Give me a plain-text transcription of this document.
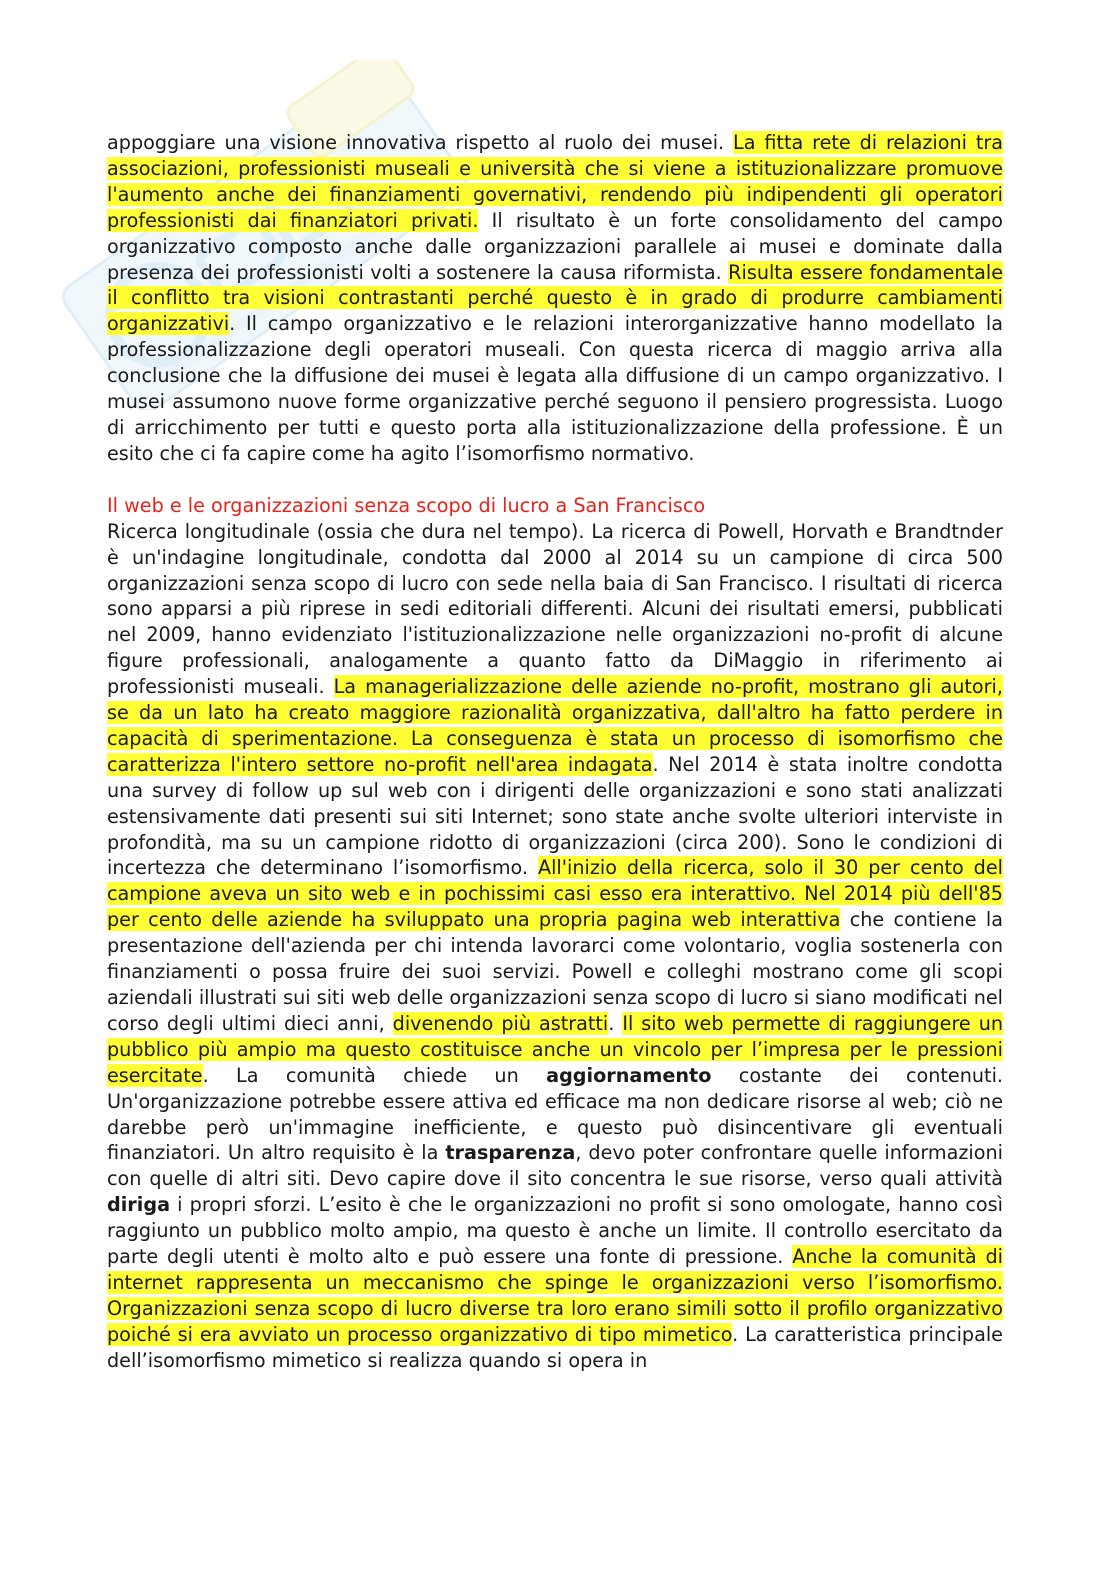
appoggiare una visione innovativa rispetto al ruolo dei musei. La fitta rete di relazioni tra associazioni, professionisti museali e università che si viene a istituzionalizzare promuove l'aumento anche dei finanziamenti governativi, rendendo più indipendenti gli operatori professionisti dai finanziatori privati. Il risultato è un forte consolidamento del campo organizzativo composto anche dalle organizzazioni parallele ai musei e dominate dalla presenza dei professionisti volti a sostenere la causa riformista. Risulta essere fondamentale il conflitto tra visioni contrastanti perché questo è in grado di produrre cambiamenti organizzativi. Il campo organizzativo e le relazioni interorganizzative hanno modellato la professionalizzazione degli operatori museali. Con questa ricerca di maggio arriva alla conclusione che la diffusione dei musei è legata alla diffusione di un campo organizzativo. I musei assumono nuove forme organizzative perché seguono il pensiero progressista. Luogo di arricchimento per tutti e questo porta alla istituzionalizzazione della professione. È un esito che ci fa capire come ha agito l’isomorfismo normativo.

Il web e le organizzazioni senza scopo di lucro a San Francisco

Ricerca longitudinale (ossia che dura nel tempo). La ricerca di Powell, Horvath e Brandtnder è un'indagine longitudinale, condotta dal 2000 al 2014 su un campione di circa 500 organizzazioni senza scopo di lucro con sede nella baia di San Francisco. I risultati di ricerca sono apparsi a più riprese in sedi editoriali differenti. Alcuni dei risultati emersi, pubblicati nel 2009, hanno evidenziato l'istituzionalizzazione nelle organizzazioni no-profit di alcune figure professionali, analogamente a quanto fatto da DiMaggio in riferimento ai professionisti museali. La managerializzazione delle aziende no-profit, mostrano gli autori, se da un lato ha creato maggiore razionalità organizzativa, dall'altro ha fatto perdere in capacità di sperimentazione. La conseguenza è stata un processo di isomorfismo che caratterizza l'intero settore no-profit nell'area indagata. Nel 2014 è stata inoltre condotta una survey di follow up sul web con i dirigenti delle organizzazioni e sono stati analizzati estensivamente dati presenti sui siti Internet; sono state anche svolte ulteriori interviste in profondità, ma su un campione ridotto di organizzazioni (circa 200). Sono le condizioni di incertezza che determinano l’isomorfismo. All'inizio della ricerca, solo il 30 per cento del campione aveva un sito web e in pochissimi casi esso era interattivo. Nel 2014 più dell'85 per cento delle aziende ha sviluppato una propria pagina web interattiva che contiene la presentazione dell'azienda per chi intenda lavorarci come volontario, voglia sostenerla con finanziamenti o possa fruire dei suoi servizi. Powell e colleghi mostrano come gli scopi aziendali illustrati sui siti web delle organizzazioni senza scopo di lucro si siano modificati nel corso degli ultimi dieci anni, divenendo più astratti. Il sito web permette di raggiungere un pubblico più ampio ma questo costituisce anche un vincolo per l’impresa per le pressioni esercitate. La comunità chiede un aggiornamento costante dei contenuti. Un'organizzazione potrebbe essere attiva ed efficace ma non dedicare risorse al web; ciò ne darebbe però un'immagine inefficiente, e questo può disincentivare gli eventuali finanziatori. Un altro requisito è la trasparenza, devo poter confrontare quelle informazioni con quelle di altri siti. Devo capire dove il sito concentra le sue risorse, verso quali attività diriga i propri sforzi. L’esito è che le organizzazioni no profit si sono omologate, hanno così raggiunto un pubblico molto ampio, ma questo è anche un limite. Il controllo esercitato da parte degli utenti è molto alto e può essere una fonte di pressione. Anche la comunità di internet rappresenta un meccanismo che spinge le organizzazioni verso l’isomorfismo. Organizzazioni senza scopo di lucro diverse tra loro erano simili sotto il profilo organizzativo poiché si era avviato un processo organizzativo di tipo mimetico. La caratteristica principale dell’isomorfismo mimetico si realizza quando si opera in
